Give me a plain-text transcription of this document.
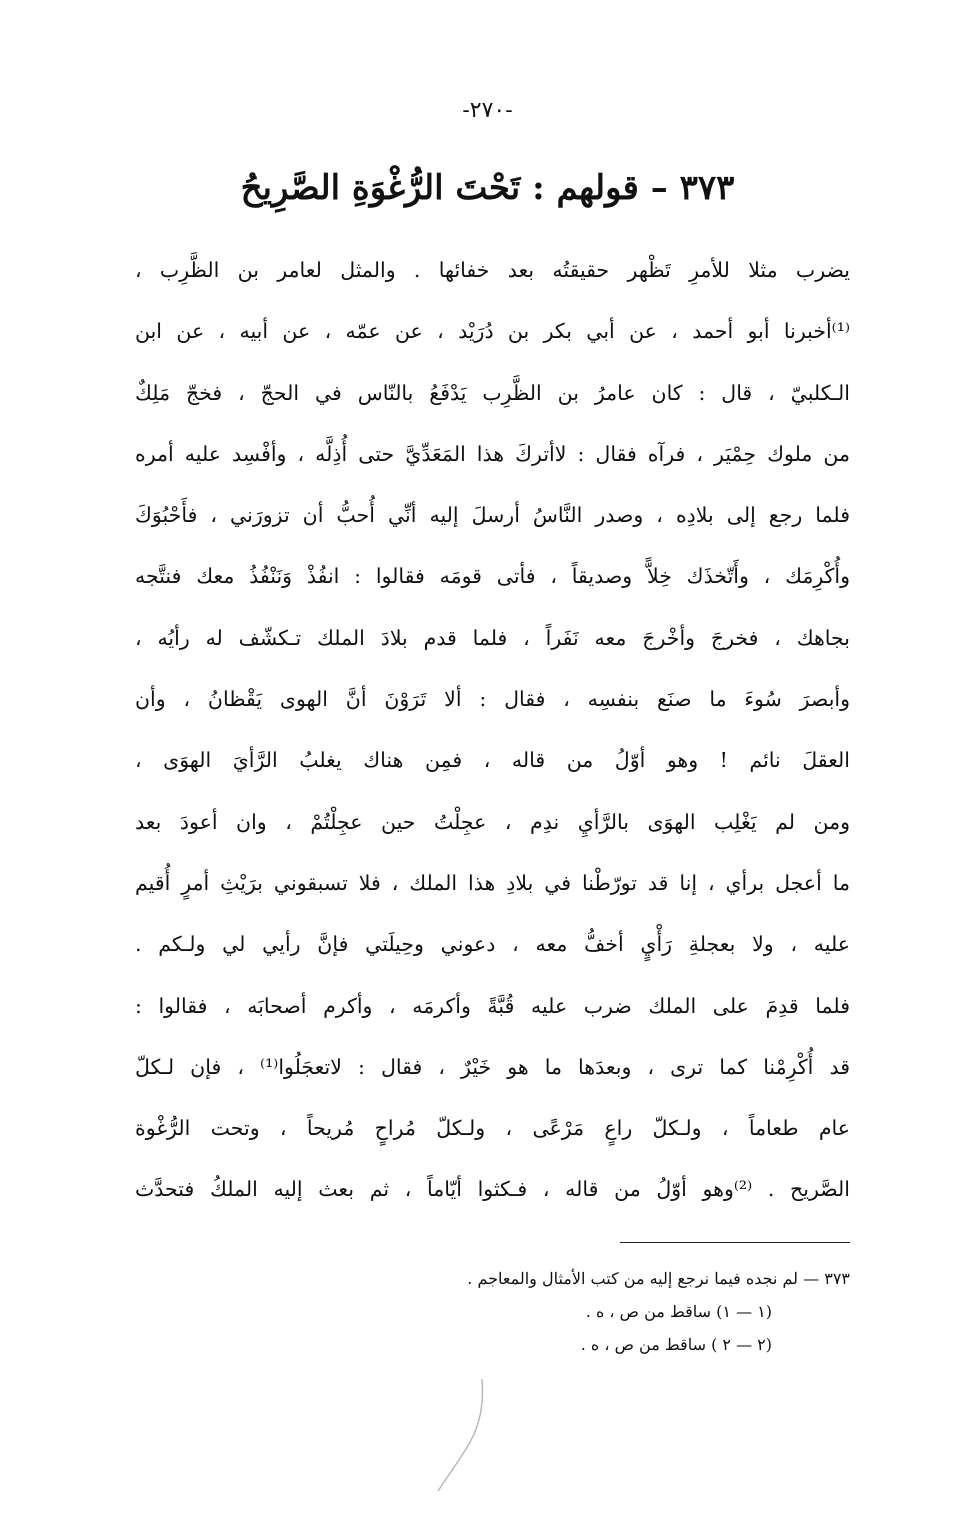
-٢٧٠-
٣٧٣ – قولهم : تَحْتَ الرُّغْوَةِ الصَّرِيحُ
يضرب مثلا للأمرِ تَظْهر حقيقتُه بعد خفائها . والمثل لعامر بن الظَّرِب ،
⁽¹⁾أخبرنا أبو أحمد ، عن أبي بكر بن دُرَيْد ، عن عمّه ، عن أبيه ، عن ابن
الـكلبيّ ، قال : كان عامرُ بن الظَّرِب يَدْفَعُ بالنّاس في الحجّ ، فخجّ مَلِكٌ
من ملوك حِمْيَر ، فرآه فقال : لاأتركَ هذا المَعَدِّيَّ حتى أُذِلَّه ، وأفْسِد عليه أمره
فلما رجع إلى بلادِه ، وصدر النَّاسُ أرسلَ إليه أنِّي أُحبُّ أن تزورَني ، فأَحْبُوَكَ
وأُكْرِمَك ، وأَتّخذَك خِلاًّ وصديقاً ، فأتى قومَه فقالوا : انفُذْ وَنَنْفُذُ معك فنتَّجه
بجاهك ، فخرجَ وأخْرجَ معه نَفَراً ، فلما قدم بلادَ الملك تـكشّف له رأيُه ،
وأبصرَ سُوءَ ما صنَع بنفسِه ، فقال : ألا تَرَوْنَ أنَّ الهوى يَقْظانُ ، وأن
العقلَ نائم ! وهو أوّلُ من قاله ، فمِن هناك يغلبُ الرَّأيَ الهوَى ،
ومن لم يَغْلِب الهوَى بالرَّأيِ ندِم ، عجِلْتُ حين عجِلْتُمْ ، وان أعودَ بعد
ما أعجل برأي ، إنا قد تورّطْنا في بلادِ هذا الملك ، فلا تسبقوني برَيْثِ أمرٍ أُقيم
عليه ، ولا بعجلةِ رَأْيٍ أخفُّ معه ، دعوني وحِيلَتي فإنَّ رأيي لي ولـكم .
فلما قدِمَ على الملك ضرب عليه قُبَّةً وأكرمَه ، وأكرم أصحابَه ، فقالوا :
قد أُكْرِمْنا كما ترى ، وبعدَها ما هو خَيْرٌ ، فقال : لاتعجَلُوا⁽¹⁾ ، فإن لـكلّ
عام طعاماً ، ولـكلّ راعٍ مَرْعًى ، ولـكلّ مُراحٍ مُريحاً ، وتحت الرُّغْوة
الصَّريح . ⁽²⁾وهو أوّلُ من قاله ، فـكثوا أيّاماً ، ثم بعث إليه الملكُ فتحدَّث
٣٧٣ — لم نجده فيما نرجع إليه من كتب الأمثال والمعاجم .
(١ — ١) ساقط من ص ، ه .
(٢ — ٢ ) ساقط من ص ، ه .
